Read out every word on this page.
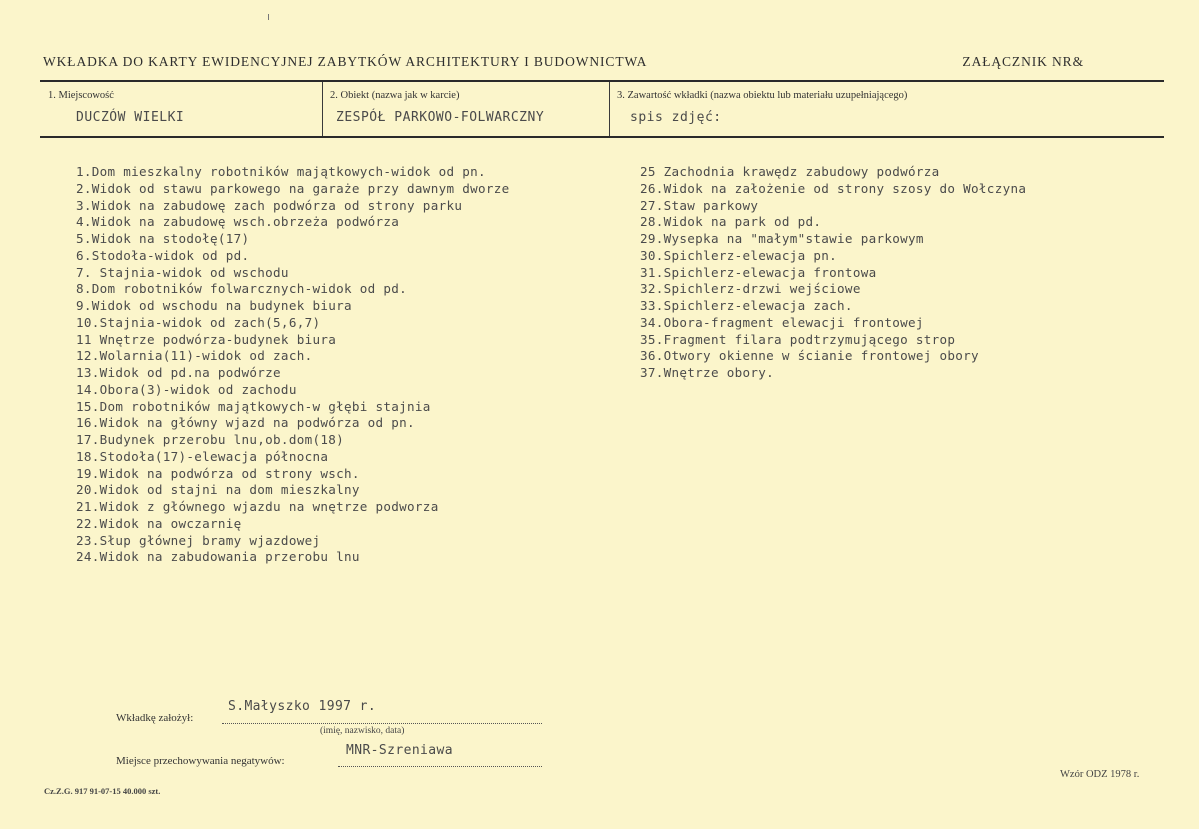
WKŁADKA DO KARTY EWIDENCYJNEJ ZABYTKÓW ARCHITEKTURY I BUDOWNICTWA	ZAŁĄCZNIK NR&
1. Miejscowość
DUCZÓW WIELKI
2. Obiekt (nazwa jak w karcie)
ZESPÓŁ PARKOWO-FOLWARCZNY
3. Zawartość wkładki (nazwa obiektu lub materiału uzupełniającego)
spis zdjęć:
1.Dom mieszkalny robotników majątkowych-widok od pn.
2.Widok od stawu parkowego na garaże przy dawnym dworze
3.Widok na zabudowę zach podwórza od strony parku
4.Widok na zabudowę wsch.obrzeża podwórza
5.Widok na stodołę(17)
6.Stodoła-widok od pd.
7. Stajnia-widok od wschodu
8.Dom robotników folwarcznych-widok od pd.
9.Widok od wschodu na budynek biura
10.Stajnia-widok od zach(5,6,7)
11 Wnętrze podwórza-budynek biura
12.Wolarnia(11)-widok od zach.
13.Widok od pd.na podwórze
14.Obora(3)-widok od zachodu
15.Dom robotników majątkowych-w głębi stajnia
16.Widok na główny wjazd na podwórza od pn.
17.Budynek przerobu lnu,ob.dom(18)
18.Stodoła(17)-elewacja północna
19.Widok na podwórza od strony wsch.
20.Widok od stajni na dom mieszkalny
21.Widok z głównego wjazdu na wnętrze podworza
22.Widok na owczarnię
23.Słup głównej bramy wjazdowej
24.Widok na zabudowania przerobu lnu
25 Zachodnia krawędz zabudowy podwórza
26.Widok na założenie od strony szosy do Wołczyna
27.Staw parkowy
28.Widok na park od pd.
29.Wysepka na "małym"stawie parkowym
30.Spichlerz-elewacja pn.
31.Spichlerz-elewacja frontowa
32.Spichlerz-drzwi wejściowe
33.Spichlerz-elewacja zach.
34.Obora-fragment elewacji frontowej
35.Fragment filara podtrzymującego strop
36.Otwory okienne w ścianie frontowej obory
37.Wnętrze obory.
Wkładkę założył:
S.Małyszko 1997 r.
(imię, nazwisko, data)
Miejsce przechowywania negatywów:
MNR-Szreniawa
Wzór ODZ 1978 r.
Cz.Z.G. 917 91-07-15 40.000 szt.
